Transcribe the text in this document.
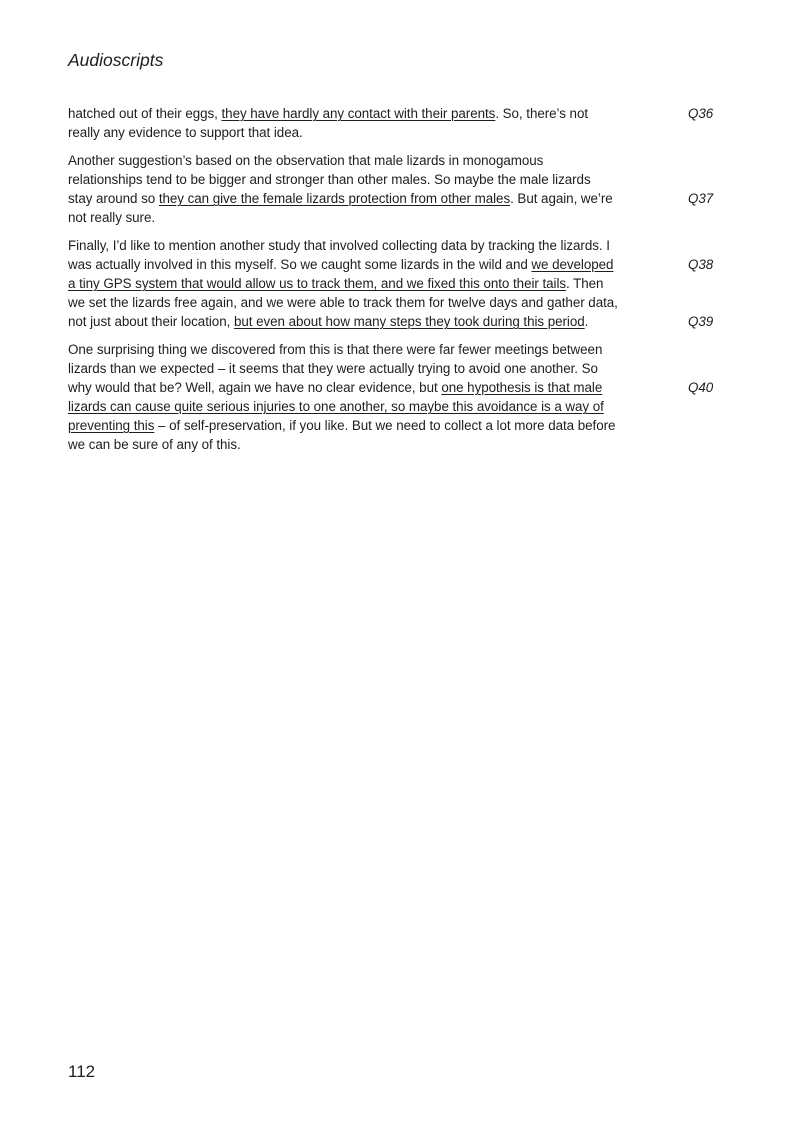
Audioscripts
hatched out of their eggs, they have hardly any contact with their parents. So, there’s not
really any evidence to support that idea.
Q36
Another suggestion’s based on the observation that male lizards in monogamous
relationships tend to be bigger and stronger than other males. So maybe the male lizards
stay around so they can give the female lizards protection from other males. But again, we’re
not really sure.
Q37
Finally, I’d like to mention another study that involved collecting data by tracking the lizards. I
was actually involved in this myself. So we caught some lizards in the wild and we developed
a tiny GPS system that would allow us to track them, and we fixed this onto their tails. Then
we set the lizards free again, and we were able to track them for twelve days and gather data,
not just about their location, but even about how many steps they took during this period.
Q38
Q39
One surprising thing we discovered from this is that there were far fewer meetings between
lizards than we expected – it seems that they were actually trying to avoid one another. So
why would that be? Well, again we have no clear evidence, but one hypothesis is that male
lizards can cause quite serious injuries to one another, so maybe this avoidance is a way of
preventing this – of self-preservation, if you like. But we need to collect a lot more data before
we can be sure of any of this.
Q40

112
